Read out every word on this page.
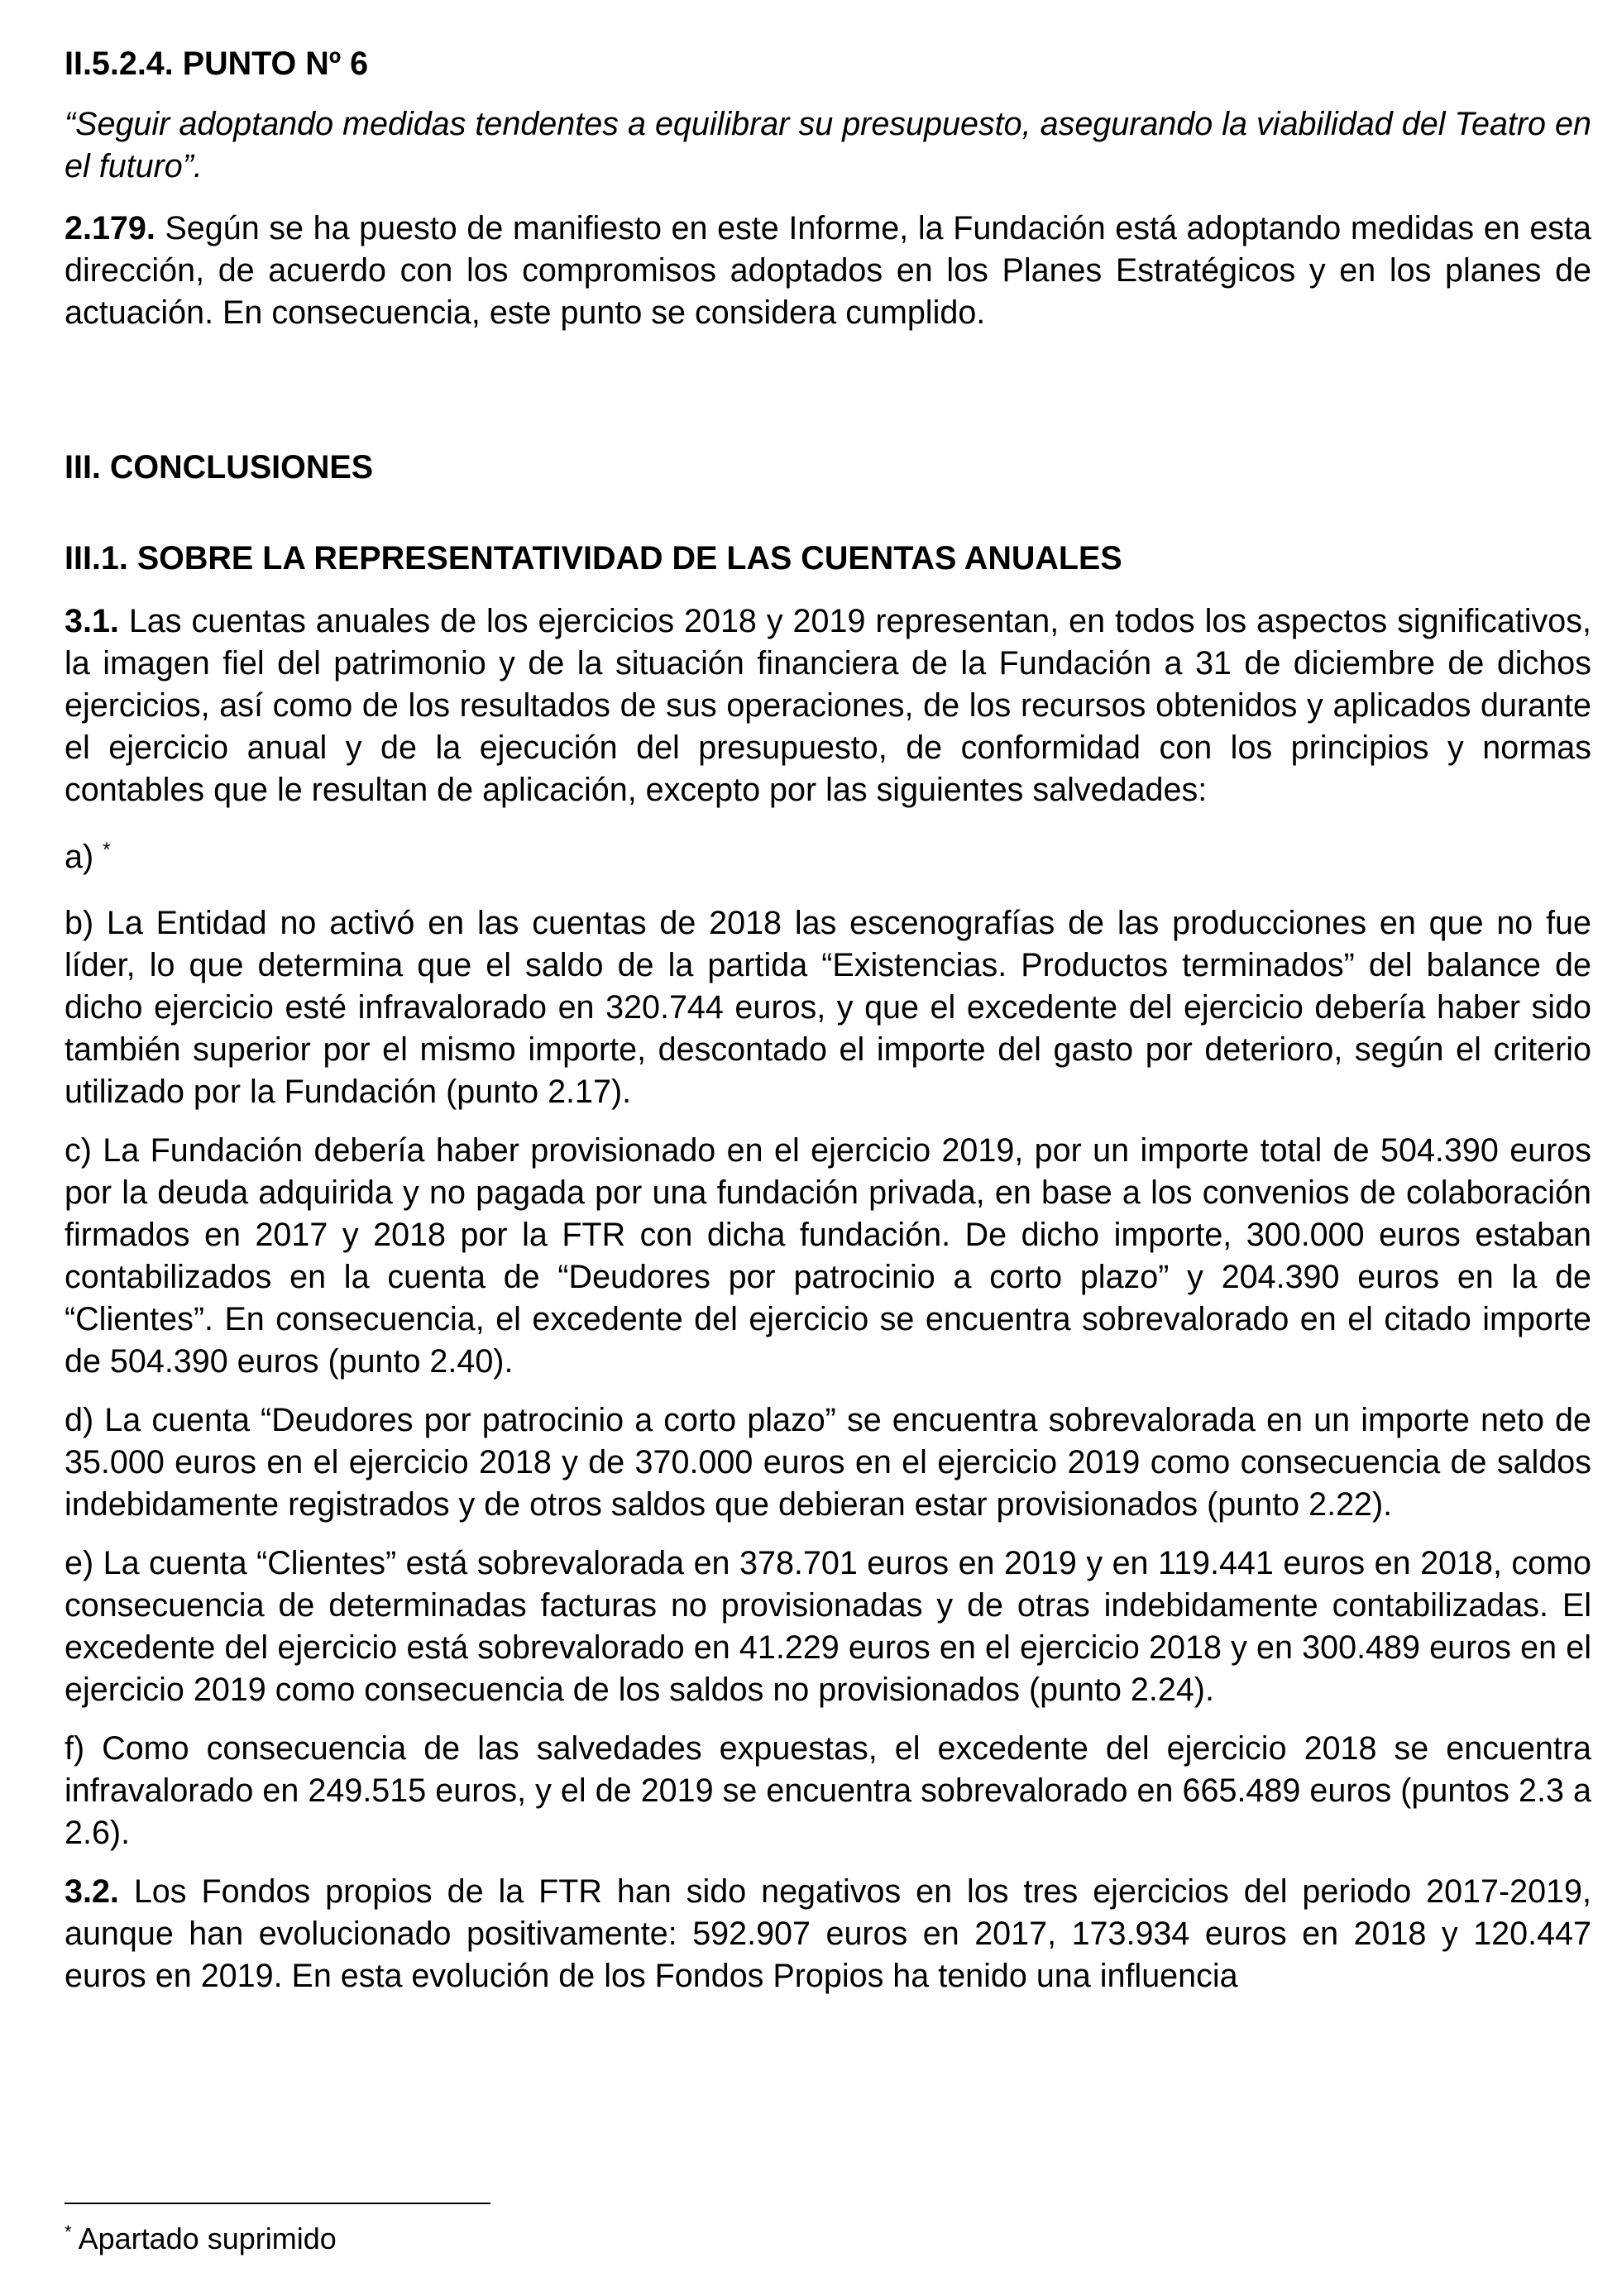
II.5.2.4. PUNTO Nº 6

“Seguir adoptando medidas tendentes a equilibrar su presupuesto, asegurando la viabilidad del Teatro en el futuro”.

2.179. Según se ha puesto de manifiesto en este Informe, la Fundación está adoptando medidas en esta dirección, de acuerdo con los compromisos adoptados en los Planes Estratégicos y en los planes de actuación. En consecuencia, este punto se considera cumplido.

III. CONCLUSIONES

III.1. SOBRE LA REPRESENTATIVIDAD DE LAS CUENTAS ANUALES

3.1. Las cuentas anuales de los ejercicios 2018 y 2019 representan, en todos los aspectos significativos, la imagen fiel del patrimonio y de la situación financiera de la Fundación a 31 de diciembre de dichos ejercicios, así como de los resultados de sus operaciones, de los recursos obtenidos y aplicados durante el ejercicio anual y de la ejecución del presupuesto, de conformidad con los principios y normas contables que le resultan de aplicación, excepto por las siguientes salvedades:

a) *

b) La Entidad no activó en las cuentas de 2018 las escenografías de las producciones en que no fue líder, lo que determina que el saldo de la partida “Existencias. Productos terminados” del balance de dicho ejercicio esté infravalorado en 320.744 euros, y que el excedente del ejercicio debería haber sido también superior por el mismo importe, descontado el importe del gasto por deterioro, según el criterio utilizado por la Fundación (punto 2.17).

c) La Fundación debería haber provisionado en el ejercicio 2019, por un importe total de 504.390 euros por la deuda adquirida y no pagada por una fundación privada, en base a los convenios de colaboración firmados en 2017 y 2018 por la FTR con dicha fundación. De dicho importe, 300.000 euros estaban contabilizados en la cuenta de “Deudores por patrocinio a corto plazo” y 204.390 euros en la de “Clientes”. En consecuencia, el excedente del ejercicio se encuentra sobrevalorado en el citado importe de 504.390 euros (punto 2.40).

d) La cuenta “Deudores por patrocinio a corto plazo” se encuentra sobrevalorada en un importe neto de 35.000 euros en el ejercicio 2018 y de 370.000 euros en el ejercicio 2019 como consecuencia de saldos indebidamente registrados y de otros saldos que debieran estar provisionados (punto 2.22).

e) La cuenta “Clientes” está sobrevalorada en 378.701 euros en 2019 y en 119.441 euros en 2018, como consecuencia de determinadas facturas no provisionadas y de otras indebidamente contabilizadas. El excedente del ejercicio está sobrevalorado en 41.229 euros en el ejercicio 2018 y en 300.489 euros en el ejercicio 2019 como consecuencia de los saldos no provisionados (punto 2.24).

f) Como consecuencia de las salvedades expuestas, el excedente del ejercicio 2018 se encuentra infravalorado en 249.515 euros, y el de 2019 se encuentra sobrevalorado en 665.489 euros (puntos 2.3 a 2.6).

3.2. Los Fondos propios de la FTR han sido negativos en los tres ejercicios del periodo 2017-2019, aunque han evolucionado positivamente: 592.907 euros en 2017, 173.934 euros en 2018 y 120.447 euros en 2019. En esta evolución de los Fondos Propios ha tenido una influencia

* Apartado suprimido
